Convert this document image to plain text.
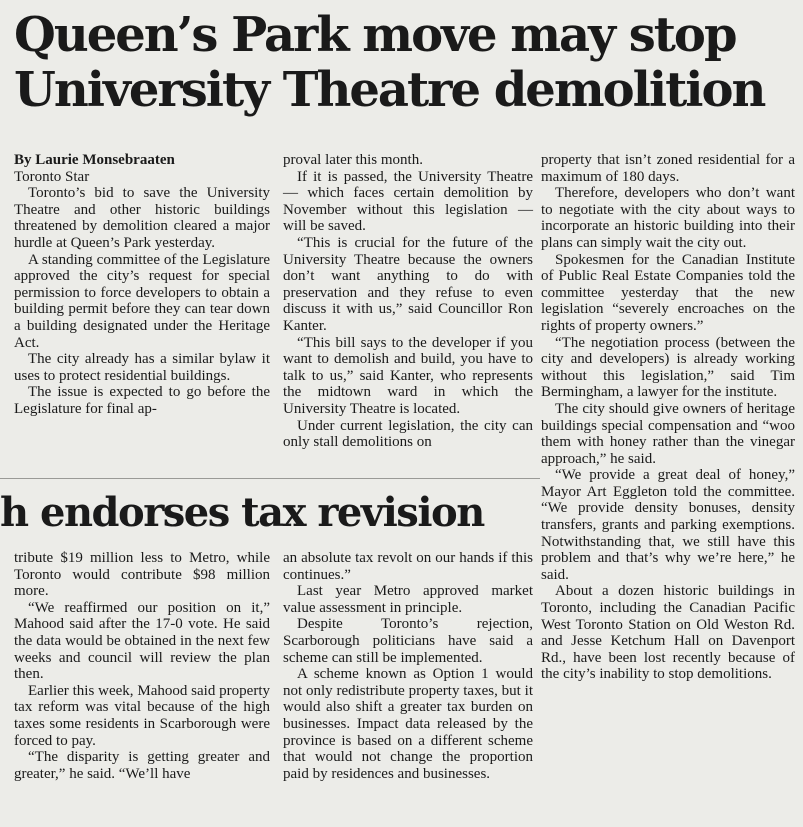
Queen’s Park move may stop
University Theatre demolition

By Laurie Monsebraaten

Toronto Star

Toronto’s bid to save the University Theatre and other historic buildings threatened by demolition cleared a major hurdle at Queen’s Park yesterday.

A standing committee of the Legislature approved the city’s request for special permission to force developers to obtain a building permit before they can tear down a building designated under the Heritage Act.

The city already has a similar bylaw it uses to protect residential buildings.

The issue is expected to go before the Legislature for final ap-

proval later this month.

If it is passed, the University Theatre — which faces certain demolition by November without this legislation — will be saved.

“This is crucial for the future of the University Theatre because the owners don’t want anything to do with preservation and they refuse to even discuss it with us,” said Councillor Ron Kanter.

“This bill says to the developer if you want to demolish and build, you have to talk to us,” said Kanter, who represents the midtown ward in which the University Theatre is located.

Under current legislation, the city can only stall demolitions on

property that isn’t zoned residential for a maximum of 180 days.

Therefore, developers who don’t want to negotiate with the city about ways to incorporate an historic building into their plans can simply wait the city out.

Spokesmen for the Canadian Institute of Public Real Estate Companies told the committee yesterday that the new legislation “severely encroaches on the rights of property owners.”

“The negotiation process (between the city and developers) is already working without this legislation,” said Tim Bermingham, a lawyer for the institute.

The city should give owners of heritage buildings special compensation and “woo them with honey rather than the vinegar approach,” he said.

“We provide a great deal of honey,” Mayor Art Eggleton told the committee. “We provide density bonuses, density transfers, grants and parking exemptions. Notwithstanding that, we still have this problem and that’s why we’re here,” he said.

About a dozen historic buildings in Toronto, including the Canadian Pacific West Toronto Station on Old Weston Rd. and Jesse Ketchum Hall on Davenport Rd., have been lost recently because of the city’s inability to stop demolitions.

h endorses tax revision

tribute $19 million less to Metro, while Toronto would contribute $98 million more.

“We reaffirmed our position on it,” Mahood said after the 17-0 vote. He said the data would be obtained in the next few weeks and council will review the plan then.

Earlier this week, Mahood said property tax reform was vital because of the high taxes some residents in Scarborough were forced to pay.

“The disparity is getting greater and greater,” he said. “We’ll have

an absolute tax revolt on our hands if this continues.”

Last year Metro approved market value assessment in principle.

Despite Toronto’s rejection, Scarborough politicians have said a scheme can still be implemented.

A scheme known as Option 1 would not only redistribute property taxes, but it would also shift a greater tax burden on businesses. Impact data released by the province is based on a different scheme that would not change the proportion paid by residences and businesses.
